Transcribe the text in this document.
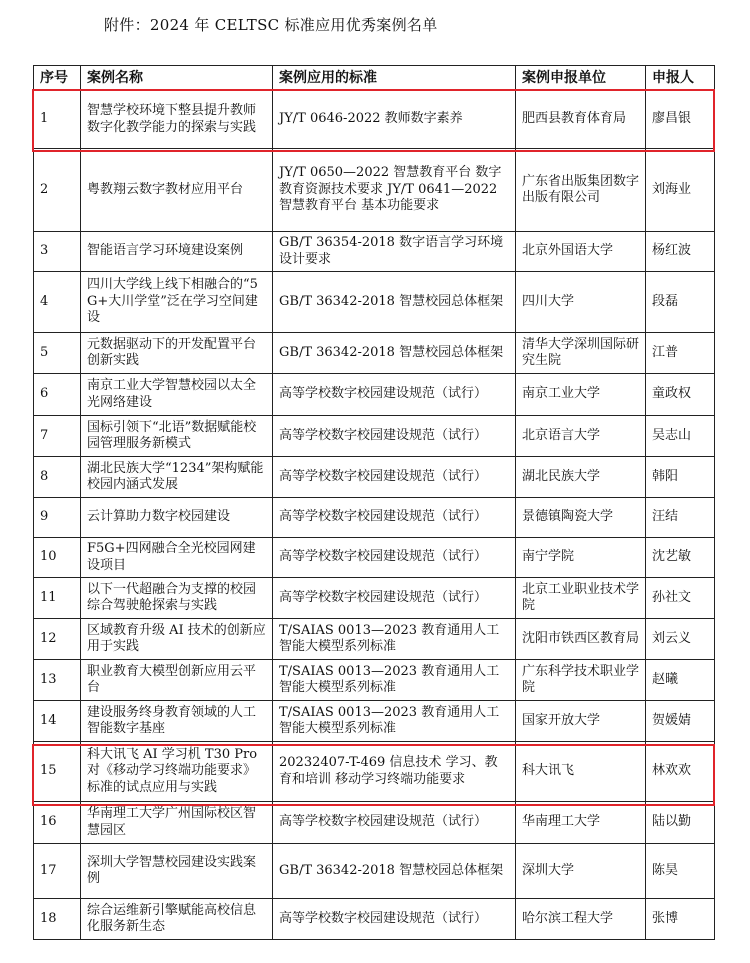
附件：2024 年 CELTSC 标准应用优秀案例名单
序号	案例名称	案例应用的标准	案例申报单位	申报人
1	智慧学校环境下整县提升教师数字化教学能力的探索与实践	JY/T 0646-2022 教师数字素养	肥西县教育体育局	廖昌银
2	粤教翔云数字教材应用平台	JY/T 0650—2022 智慧教育平台 数字教育资源技术要求 JY/T 0641—2022 智慧教育平台 基本功能要求	广东省出版集团数字出版有限公司	刘海业
3	智能语言学习环境建设案例	GB/T 36354-2018 数字语言学习环境设计要求	北京外国语大学	杨红波
4	四川大学线上线下相融合的“5G+大川学堂”泛在学习空间建设	GB/T 36342-2018 智慧校园总体框架	四川大学	段磊
5	元数据驱动下的开发配置平台创新实践	GB/T 36342-2018 智慧校园总体框架	清华大学深圳国际研究生院	江普
6	南京工业大学智慧校园以太全光网络建设	高等学校数字校园建设规范（试行）	南京工业大学	童政权
7	国标引领下“北语”数据赋能校园管理服务新模式	高等学校数字校园建设规范（试行）	北京语言大学	吴志山
8	湖北民族大学“1234”架构赋能校园内涵式发展	高等学校数字校园建设规范（试行）	湖北民族大学	韩阳
9	云计算助力数字校园建设	高等学校数字校园建设规范（试行）	景德镇陶瓷大学	汪结
10	F5G+四网融合全光校园网建设项目	高等学校数字校园建设规范（试行）	南宁学院	沈艺敏
11	以下一代超融合为支撑的校园综合驾驶舱探索与实践	高等学校数字校园建设规范（试行）	北京工业职业技术学院	孙社文
12	区域教育升级 AI 技术的创新应用于实践	T/SAIAS 0013—2023 教育通用人工智能大模型系列标准	沈阳市铁西区教育局	刘云义
13	职业教育大模型创新应用云平台	T/SAIAS 0013—2023 教育通用人工智能大模型系列标准	广东科学技术职业学院	赵曦
14	建设服务终身教育领域的人工智能数字基座	T/SAIAS 0013—2023 教育通用人工智能大模型系列标准	国家开放大学	贺媛婧
15	科大讯飞 AI 学习机 T30 Pro 对《移动学习终端功能要求》标准的试点应用与实践	20232407-T-469 信息技术 学习、教育和培训 移动学习终端功能要求	科大讯飞	林欢欢
16	华南理工大学广州国际校区智慧园区	高等学校数字校园建设规范（试行）	华南理工大学	陆以勤
17	深圳大学智慧校园建设实践案例	GB/T 36342-2018 智慧校园总体框架	深圳大学	陈昊
18	综合运维新引擎赋能高校信息化服务新生态	高等学校数字校园建设规范（试行）	哈尔滨工程大学	张博
